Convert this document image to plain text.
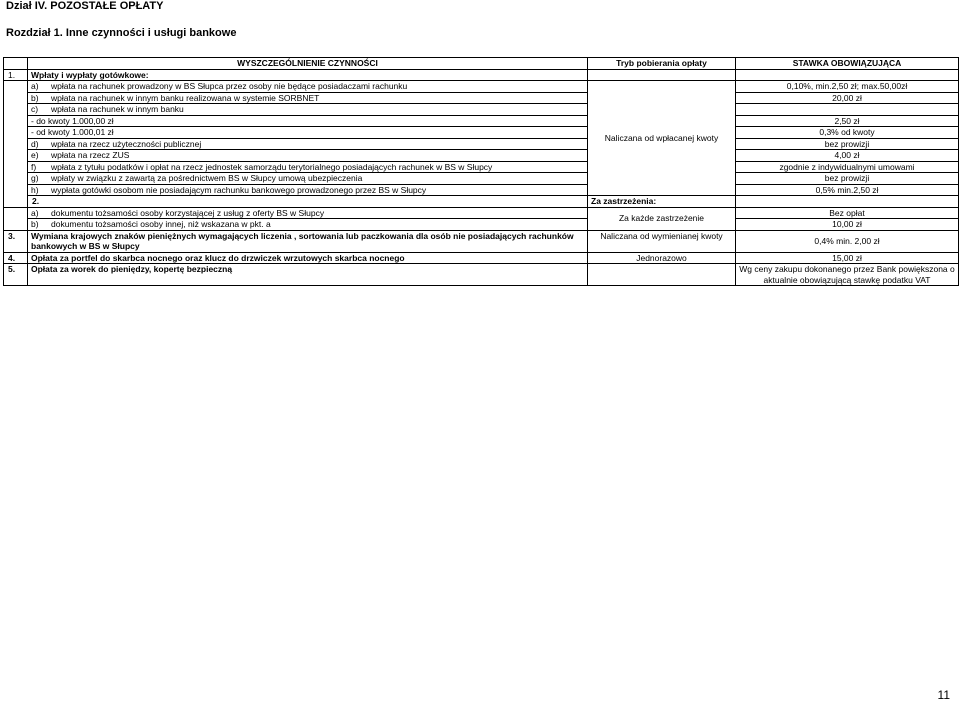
Dział IV. POZOSTAŁE OPŁATY
Rozdział 1. Inne czynności i usługi bankowe
	WYSZCZEGÓLNIENIE CZYNNOŚCI	Tryb pobierania opłaty	STAWKA OBOWIĄZUJĄCA	
1.	Wpłaty i wypłaty gotówkowe:			
	a) wpłata na rachunek prowadzony w BS Słupca przez osoby nie będące posiadaczami rachunku	Naliczana od wpłacanej kwoty	0,10%, min.2,50 zł; max.50,00zł	
	b) wpłata na rachunek w innym banku realizowana w systemie SORBNET		20,00 zł	
	c) wpłata na rachunek w innym banku			
	- do kwoty 1.000,00 zł		2,50 zł	
	- od kwoty 1.000,01 zł		0,3% od kwoty	
	d) wpłata na rzecz użyteczności publicznej		bez prowizji	
	e) wpłata na rzecz ZUS		4,00 zł	
	f) wpłata z tytułu podatków i opłat na rzecz jednostek samorządu terytorialnego posiadających rachunek w BS w Słupcy		zgodnie z indywidualnymi umowami	
	g) wpłaty w związku z zawartą za pośrednictwem BS w Słupcy umową ubezpieczenia		bez prowizji	
	h) wypłata gotówki osobom nie posiadającym rachunku bankowego prowadzonego przez BS w Słupcy		0,5% min.2,50 zł	
	2.	Za zastrzeżenia:		
	a) dokumentu tożsamości osoby korzystającej z usług z oferty BS w Słupcy	Za każde zastrzeżenie	Bez opłat	
	b) dokumentu tożsamości osoby innej, niż wskazana w pkt. a		10,00 zł	
3.	Wymiana krajowych znaków pieniężnych wymagających liczenia , sortowania lub paczkowania dla osób nie posiadających rachunków bankowych w BS w Słupcy	Naliczana od wymienianej kwoty	0,4% min. 2,00 zł	
4.	Opłata za portfel do skarbca nocnego oraz klucz do drzwiczek wrzutowych skarbca nocnego	Jednorazowo	15,00 zł	
5.	Opłata za worek do pieniędzy, kopertę bezpieczną		Wg ceny zakupu dokonanego przez Bank powiększona o aktualnie obowiązującą stawkę podatku VAT	
11
